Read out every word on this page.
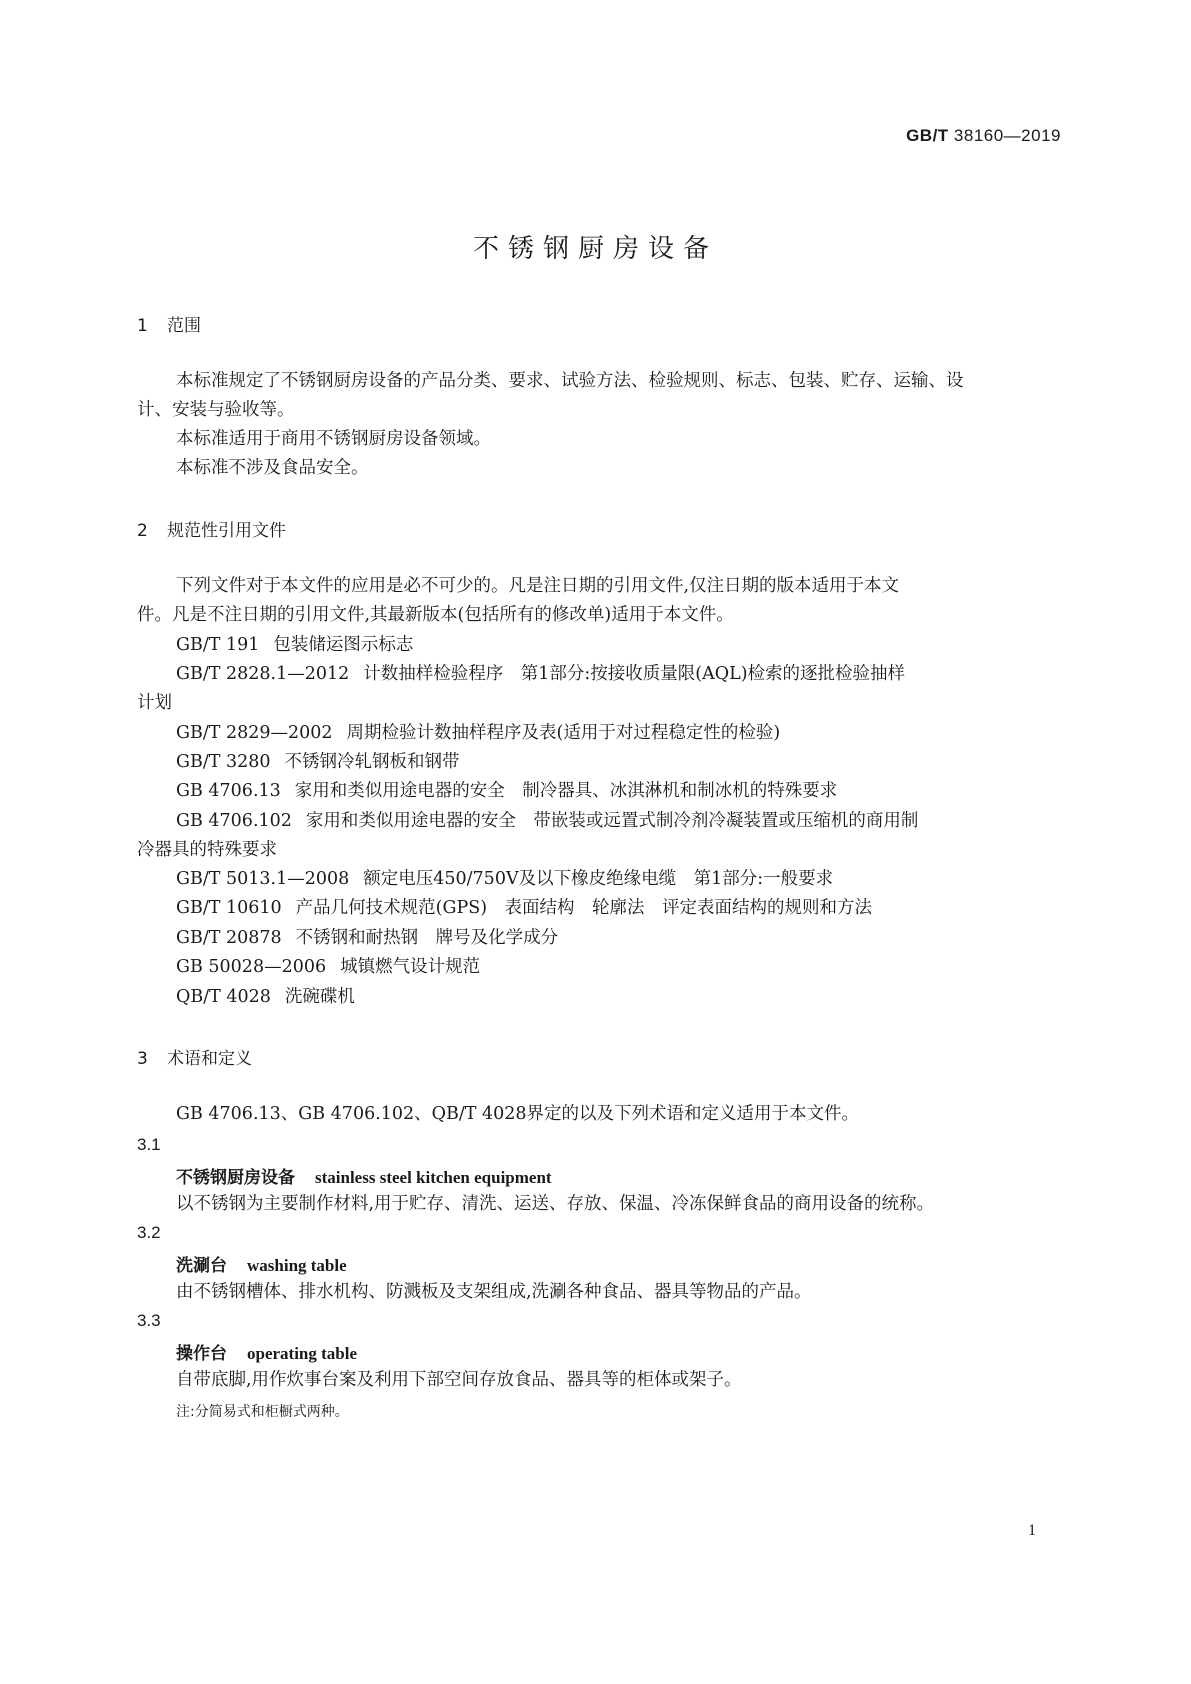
GB/T 38160—2019
不锈钢厨房设备
1 范围
本标准规定了不锈钢厨房设备的产品分类、要求、试验方法、检验规则、标志、包装、贮存、运输、设
计、安装与验收等。
本标准适用于商用不锈钢厨房设备领域。
本标准不涉及食品安全。
2 规范性引用文件
下列文件对于本文件的应用是必不可少的。凡是注日期的引用文件,仅注日期的版本适用于本文
件。凡是不注日期的引用文件,其最新版本(包括所有的修改单)适用于本文件。
GB/T 191 包装储运图示标志
GB/T 2828.1—2012 计数抽样检验程序　第1部分:按接收质量限(AQL)检索的逐批检验抽样
计划
GB/T 2829—2002 周期检验计数抽样程序及表(适用于对过程稳定性的检验)
GB/T 3280 不锈钢冷轧钢板和钢带
GB 4706.13 家用和类似用途电器的安全　制冷器具、冰淇淋机和制冰机的特殊要求
GB 4706.102 家用和类似用途电器的安全　带嵌装或远置式制冷剂冷凝装置或压缩机的商用制
冷器具的特殊要求
GB/T 5013.1—2008 额定电压450/750V及以下橡皮绝缘电缆　第1部分:一般要求
GB/T 10610 产品几何技术规范(GPS)　表面结构　轮廓法　评定表面结构的规则和方法
GB/T 20878 不锈钢和耐热钢　牌号及化学成分
GB 50028—2006 城镇燃气设计规范
QB/T 4028 洗碗碟机
3 术语和定义
GB 4706.13、GB 4706.102、QB/T 4028界定的以及下列术语和定义适用于本文件。
3.1
不锈钢厨房设备 stainless steel kitchen equipment
以不锈钢为主要制作材料,用于贮存、清洗、运送、存放、保温、冷冻保鲜食品的商用设备的统称。
3.2
洗涮台 washing table
由不锈钢槽体、排水机构、防溅板及支架组成,洗涮各种食品、器具等物品的产品。
3.3
操作台 operating table
自带底脚,用作炊事台案及利用下部空间存放食品、器具等的柜体或架子。
注:分简易式和柜橱式两种。
1
